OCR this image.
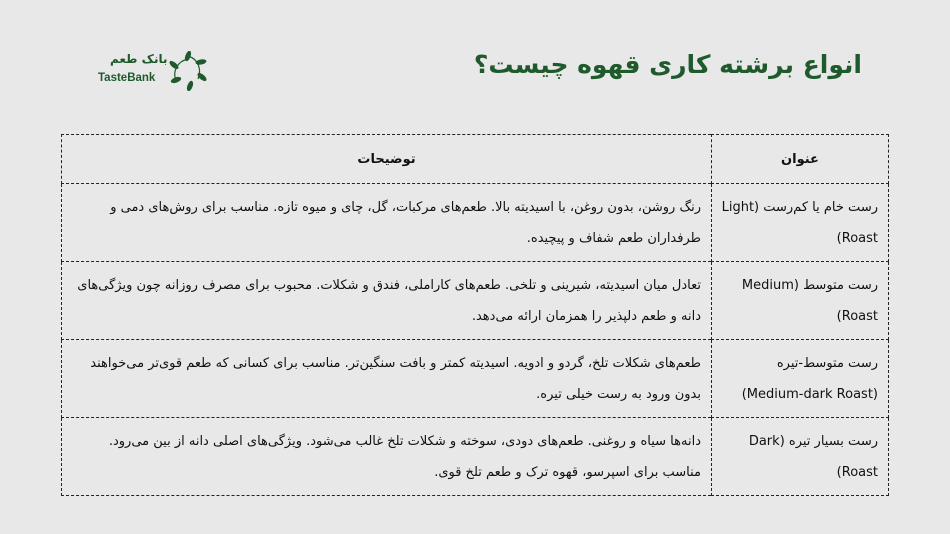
انواع برشته کاری قهوه چیست؟
بانک طعم
TasteBank
عنوان	توضیحات
رست خام یا کم‌رست (Light Roast)	رنگ روشن، بدون روغن، با اسیدیته بالا. طعم‌های مرکبات، گل، چای و میوه تازه. مناسب برای روش‌های دمی و طرفداران طعم شفاف و پیچیده.
رست متوسط (Medium Roast)	تعادل میان اسیدیته، شیرینی و تلخی. طعم‌های کاراملی، فندق و شکلات. محبوب برای مصرف روزانه چون ویژگی‌های دانه و طعم دلپذیر را همزمان ارائه می‌دهد.
رست متوسط-تیره (Medium-dark Roast)	طعم‌های شکلات تلخ، گردو و ادویه. اسیدیته کمتر و بافت سنگین‌تر. مناسب برای کسانی که طعم قوی‌تر می‌خواهند بدون ورود به رست خیلی تیره.
رست بسیار تیره (Dark Roast)	دانه‌ها سیاه و روغنی. طعم‌های دودی، سوخته و شکلات تلخ غالب می‌شود. ویژگی‌های اصلی دانه از بین می‌رود. مناسب برای اسپرسو، قهوه ترک و طعم تلخ قوی.
